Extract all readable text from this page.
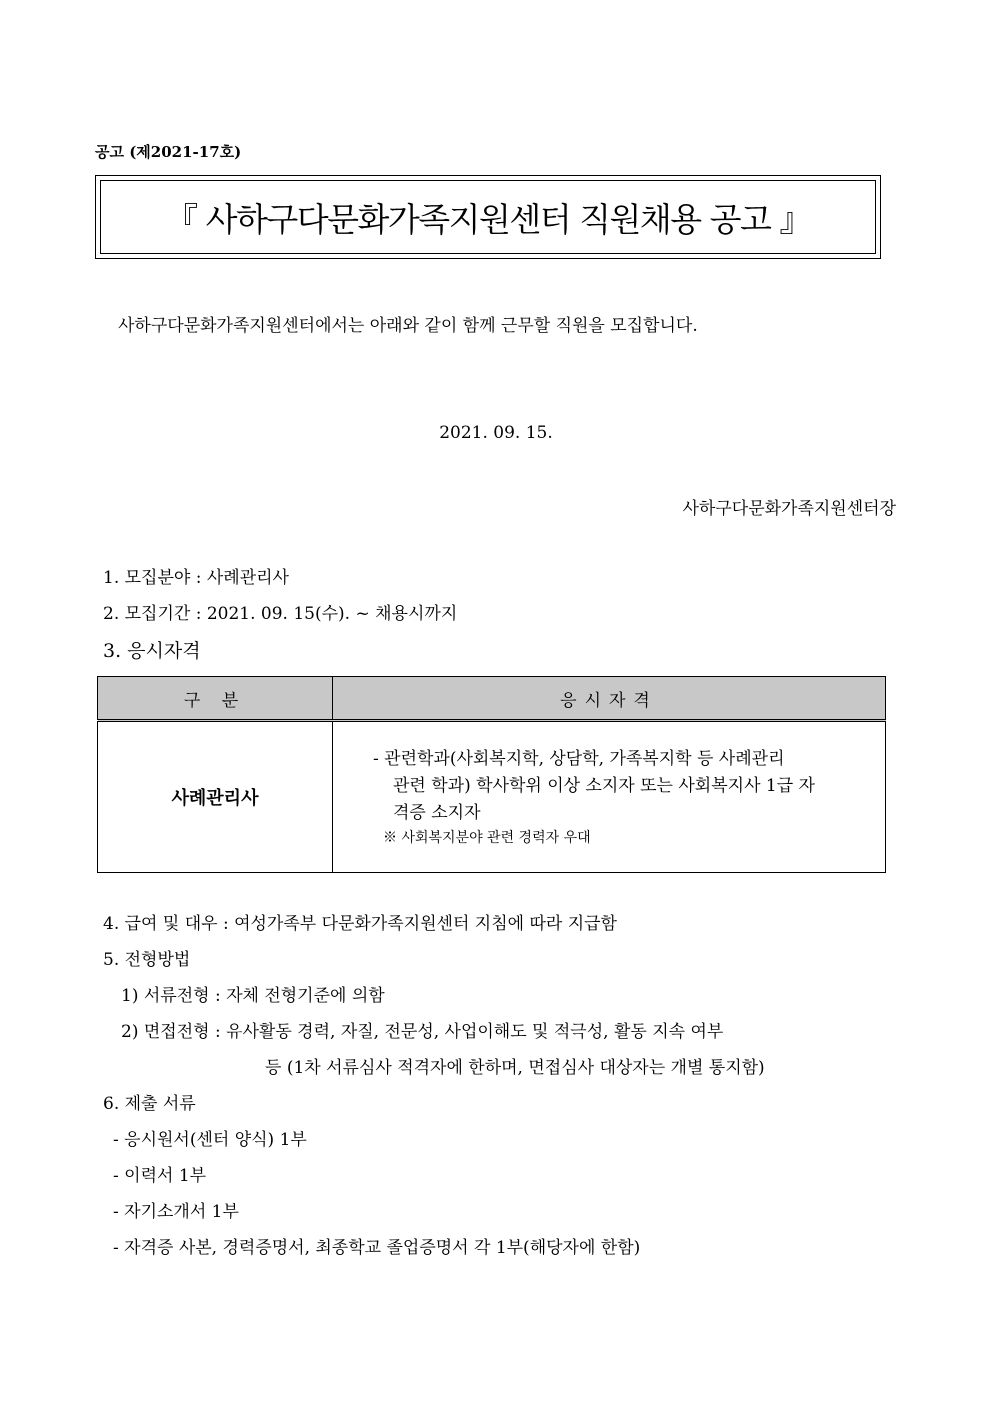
공고 (제2021-17호)
『 사하구다문화가족지원센터 직원채용 공고 』
사하구다문화가족지원센터에서는 아래와 같이 함께 근무할 직원을 모집합니다.
2021. 09. 15.
사하구다문화가족지원센터장
1. 모집분야 : 사례관리사
2. 모집기간 : 2021. 09. 15(수). ~ 채용시까지
3. 응시자격
구 분	응시자격
사례관리사	- 관련학과(사회복지학, 상담학, 가족복지학 등 사례관리
관련 학과) 학사학위 이상 소지자 또는 사회복지사 1급 자
격증 소지자
※ 사회복지분야 관련 경력자 우대
4. 급여 및 대우 : 여성가족부 다문화가족지원센터 지침에 따라 지급함
5. 전형방법
1) 서류전형 : 자체 전형기준에 의함
2) 면접전형 : 유사활동 경력, 자질, 전문성, 사업이해도 및 적극성, 활동 지속 여부
등 (1차 서류심사 적격자에 한하며, 면접심사 대상자는 개별 통지함)
6. 제출 서류
- 응시원서(센터 양식) 1부
- 이력서 1부
- 자기소개서 1부
- 자격증 사본, 경력증명서, 최종학교 졸업증명서 각 1부(해당자에 한함)
